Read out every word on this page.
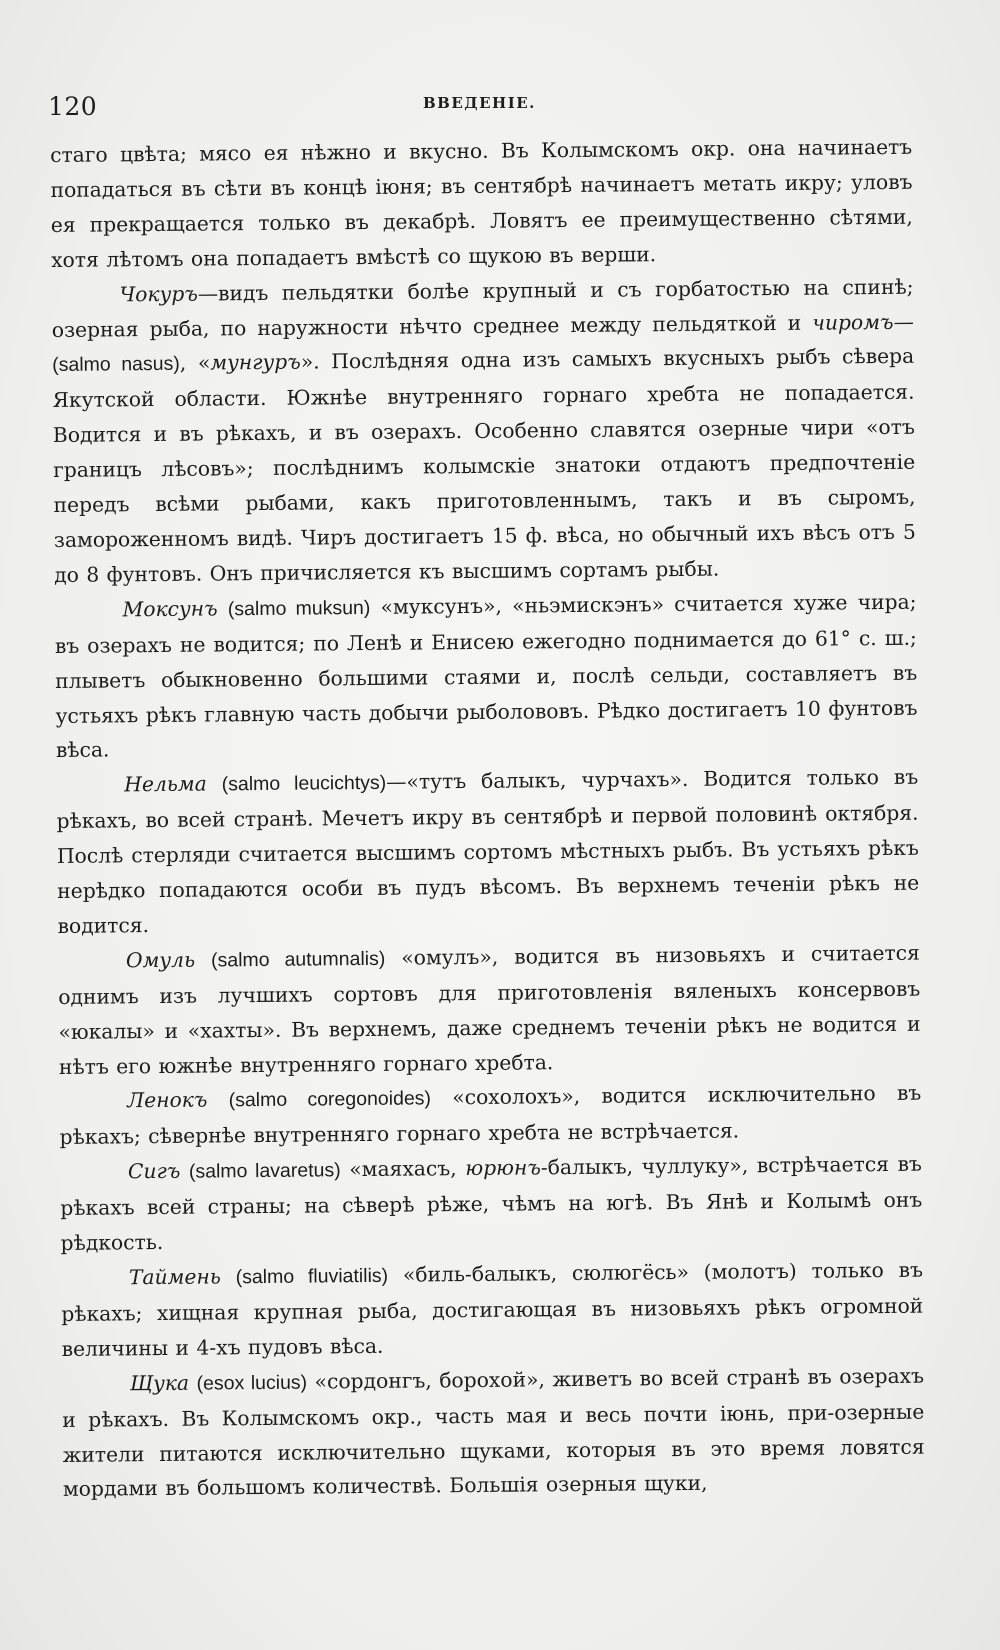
120	ВВЕДЕНІЕ.

стаго цвѣта; мясо ея нѣжно и вкусно. Въ Колымскомъ окр. она начинаетъ попадаться въ сѣти въ концѣ іюня; въ сентябрѣ начинаетъ метать икру; уловъ ея прекращается только въ декабрѣ. Ловятъ ее преимущественно сѣтями, хотя лѣтомъ она попадаетъ вмѣстѣ со щукою въ верши.

Чокуръ—видъ пельдятки болѣе крупный и съ горбатостью на спинѣ; озерная рыба, по наружности нѣчто среднее между пельдяткой и чиромъ—(salmo nasus), «мунгуръ». Послѣдняя одна изъ самыхъ вкусныхъ рыбъ сѣвера Якутской области. Южнѣе внутренняго горнаго хребта не попадается. Водится и въ рѣкахъ, и въ озерахъ. Особенно славятся озерные чири «отъ границъ лѣсовъ»; послѣднимъ колымскіе знатоки отдаютъ предпочтеніе передъ всѣми рыбами, какъ приготовленнымъ, такъ и въ сыромъ, замороженномъ видѣ. Чиръ достигаетъ 15 ф. вѣса, но обычный ихъ вѣсъ отъ 5 до 8 фунтовъ. Онъ причисляется къ высшимъ сортамъ рыбы.

Моксунъ (salmo muksun) «муксунъ», «ньэмискэнъ» считается хуже чира; въ озерахъ не водится; по Ленѣ и Енисею ежегодно поднимается до 61° с. ш.; плыветъ обыкновенно большими стаями и, послѣ сельди, составляетъ въ устьяхъ рѣкъ главную часть добычи рыболововъ. Рѣдко достигаетъ 10 фунтовъ вѣса.

Нельма (salmo leucichtys)—«тутъ балыкъ, чурчахъ». Водится только въ рѣкахъ, во всей странѣ. Мечетъ икру въ сентябрѣ и первой половинѣ октября. Послѣ стерляди считается высшимъ сортомъ мѣстныхъ рыбъ. Въ устьяхъ рѣкъ нерѣдко попадаются особи въ пудъ вѣсомъ. Въ верхнемъ теченіи рѣкъ не водится.

Омуль (salmo autumnalis) «омулъ», водится въ низовьяхъ и считается однимъ изъ лучшихъ сортовъ для приготовленія вяленыхъ консервовъ «юкалы» и «хахты». Въ верхнемъ, даже среднемъ теченіи рѣкъ не водится и нѣтъ его южнѣе внутренняго горнаго хребта.

Ленокъ (salmo coregonoides) «сохолохъ», водится исключительно въ рѣкахъ; сѣвернѣе внутренняго горнаго хребта не встрѣчается.

Сигъ (salmo lavaretus) «маяхасъ, юрюнъ-балыкъ, чуллуку», встрѣчается въ рѣкахъ всей страны; на сѣверѣ рѣже, чѣмъ на югѣ. Въ Янѣ и Колымѣ онъ рѣдкость.

Таймень (salmo fluviatilis) «биль-балыкъ, сюлюгёсь» (молотъ) только въ рѣкахъ; хищная крупная рыба, достигающая въ низовьяхъ рѣкъ огромной величины и 4-хъ пудовъ вѣса.

Щука (esox lucius) «сордонгъ, борохой», живетъ во всей странѣ въ озерахъ и рѣкахъ. Въ Колымскомъ окр., часть мая и весь почти іюнь, при-озерные жители питаются исключительно щуками, которыя въ это время ловятся мордами въ большомъ количествѣ. Большія озерныя щуки,
